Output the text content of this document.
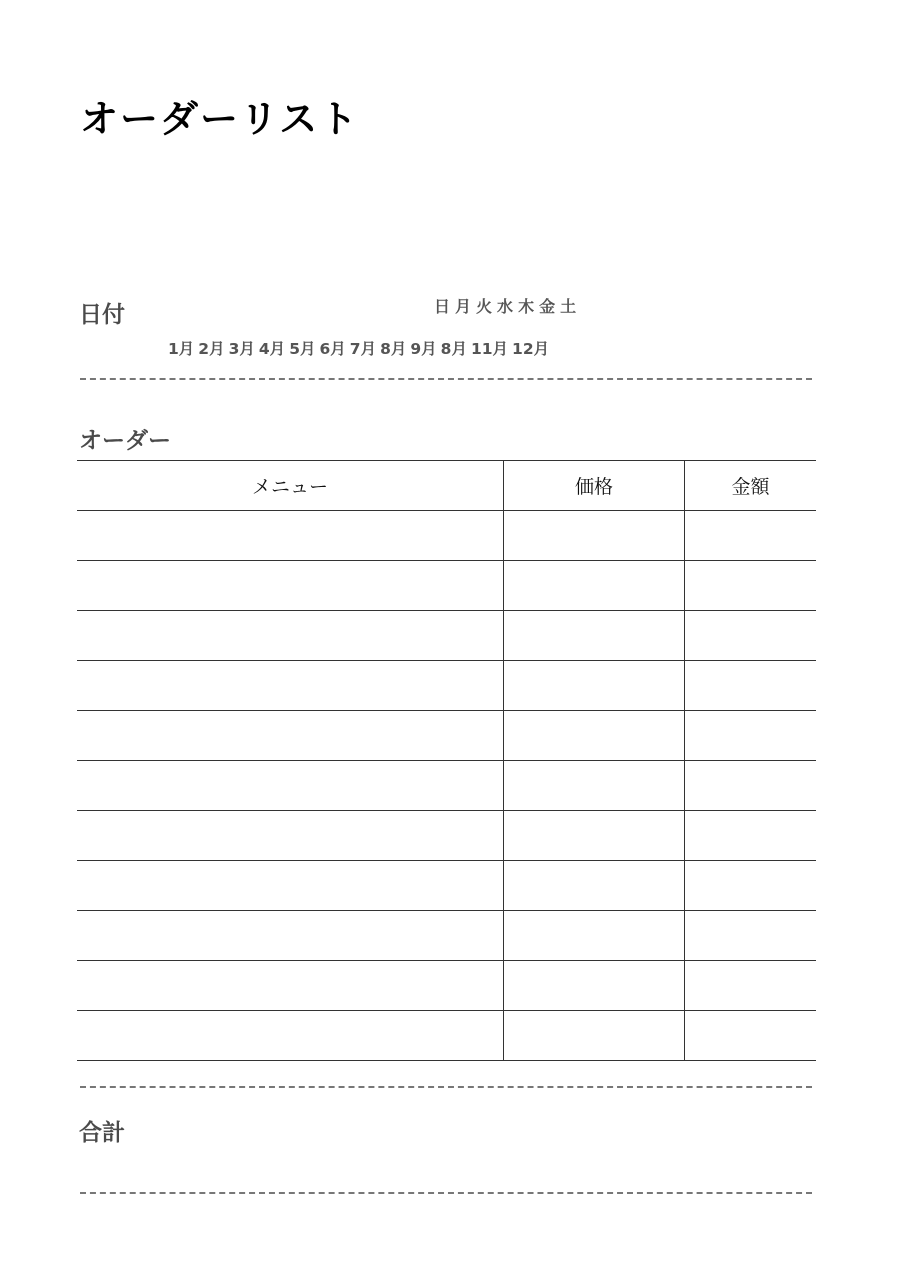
オーダーリスト
日付	日 月 火 水 木 金 土
1月 2月 3月 4月 5月 6月 7月 8月 9月 8月 11月 12月
オーダー
メニュー	価格	金額

合計
